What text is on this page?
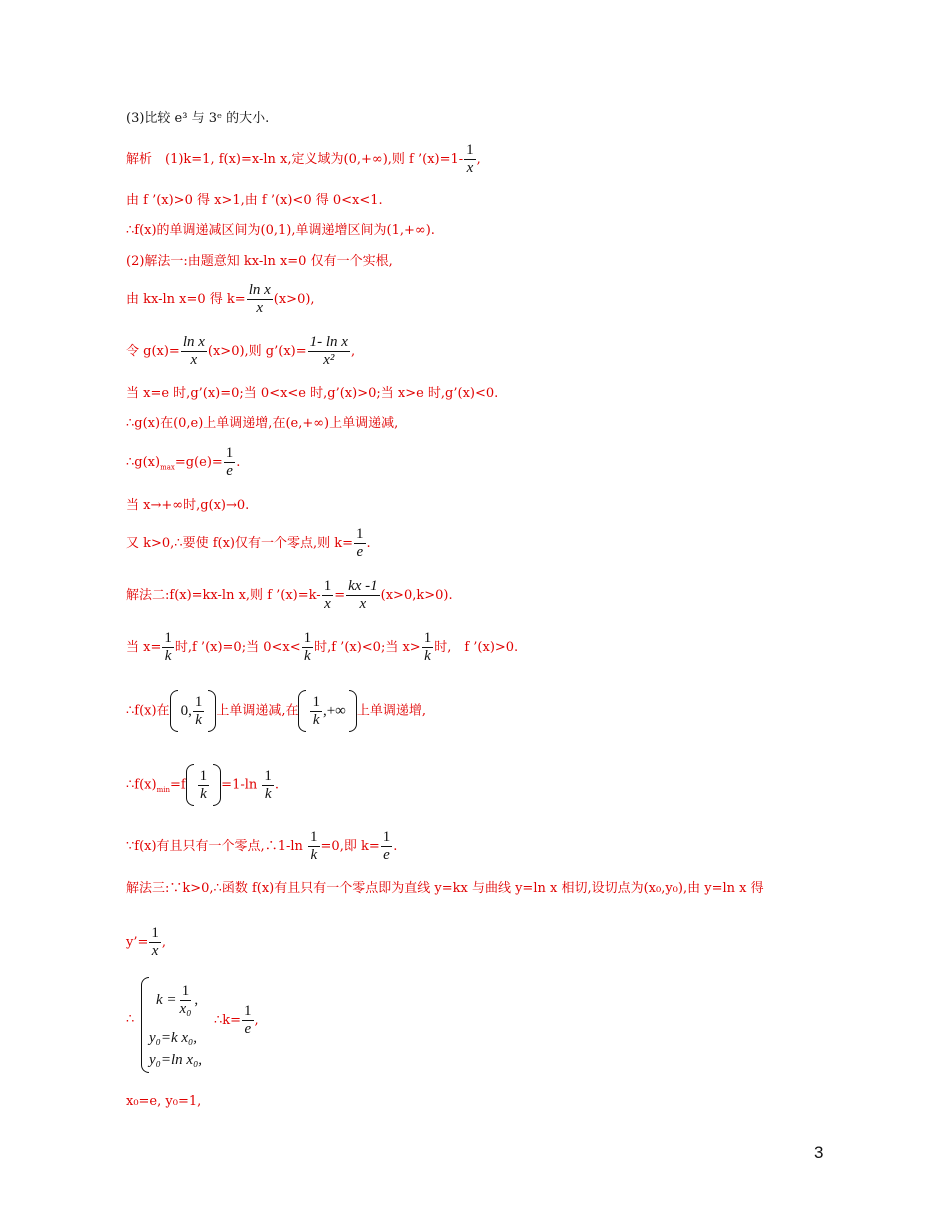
(3)比较 e³ 与 3ᵉ 的大小.
解析　(1)k=1, f(x)=x-ln x,定义域为(0,+∞),则 f ’(x)=1- $\frac{1}{x}$ ,
由 f ’(x)>0 得 x>1,由 f ’(x)<0 得 0<x<1.
∴f(x)的单调递减区间为(0,1),单调递增区间为(1,+∞).
(2)解法一:由题意知 kx-ln x=0 仅有一个实根,
由 kx-ln x=0 得 $k= \frac{\text{ln x}}{x} (x>0)$,
令 $g(x)= \frac{\text{ln x}}{x} (x>0)$,则 g’(x)= $\frac{\text{1- ln x}}{\text{x²}}$ ,
当 x=e 时,g’(x)=0;当 0<x<e 时,g’(x)>0;当 x>e 时,g’(x)<0.
∴g(x)在(0,e)上单调递增,在(e,+∞)上单调递减,
$\therefore g(x)_{max}=g(e)= \frac{1}{e}$ .
当 x→+∞时,g(x)→0.
又 k>0,∴要使 f(x)仅有一个零点,则 $k= \frac{1}{e}$ .
解法二:f(x)=kx-ln x,则 f ’(x)=k- $\frac{1}{x} = \frac{kx -1}{x} (x>0,k>0)$.
当 $x= \frac{1}{k}$ 时,f ’(x)=0;当 $0<x< \frac{1}{k}$ 时,f ’(x)<0;当 $x> \frac{1}{k}$ 时,　f ’(x)>0.
∴f(x)在 0, $\frac{1}{k}$ 上单调递减,在 $\frac{1}{k}$ ,+∞ 上单调递增,
$\therefore f(x)_{min}=f \frac{1}{k} =1-\ln \frac{1}{k}$ .
∵f(x)有且只有一个零点,∴1-ln $\frac{1}{k} =0$,即 $k= \frac{1}{e}$ .
解法三:∵k>0,∴函数 f(x)有且只有一个零点即为直线 y=kx 与曲线 y=ln x 相切,设切点为(x₀,y₀),由 y=ln x 得
y’= $\frac{1}{x}$ ,
∴
$k = \frac{1}{\text{x₀}}$ ,
y₀=k x₀,
y₀=ln x₀,
∴k= $\frac{1}{e}$ ,
x₀=e, y₀=1,
3
